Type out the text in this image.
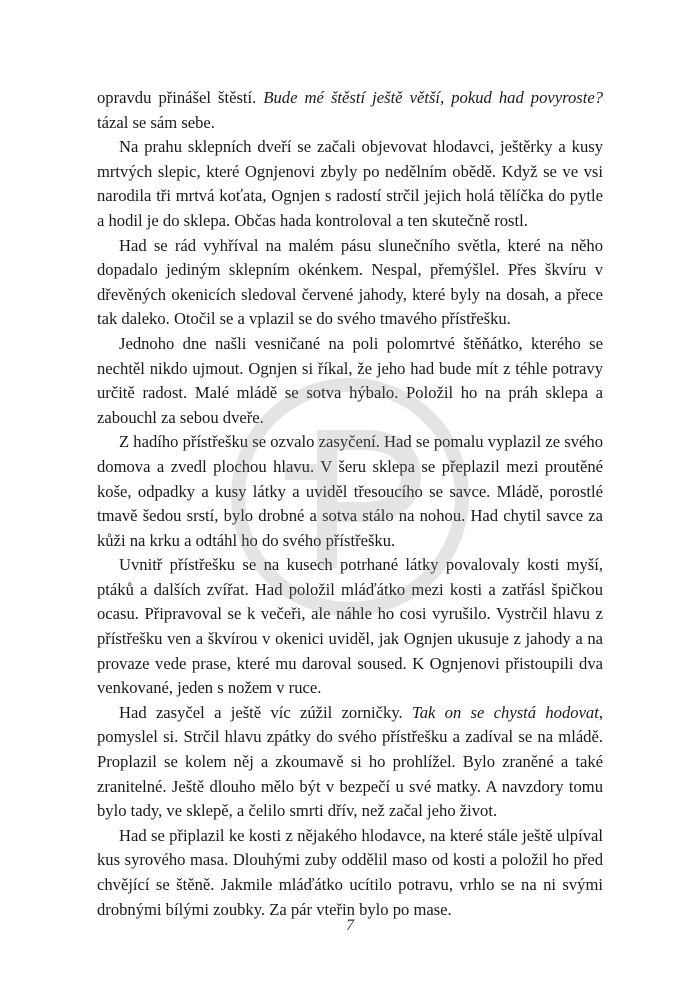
opravdu přinášel štěstí. Bude mé štěstí ještě větší, pokud had povyroste? tázal se sám sebe.

Na prahu sklepních dveří se začali objevovat hlodavci, ještěrky a kusy mrtvých slepic, které Ognjenovi zbyly po nedělním obědě. Když se ve vsi narodila tři mrtvá koťata, Ognjen s radostí strčil jejich holá tělíčka do pytle a hodil je do sklepa. Občas hada kontroloval a ten skutečně rostl.

Had se rád vyhříval na malém pásu slunečního světla, které na něho dopadalo jediným sklepním okénkem. Nespal, přemýšlel. Přes škvíru v dřevěných okenicích sledoval červené jahody, které byly na dosah, a přece tak daleko. Otočil se a vplazil se do svého tmavého přístřešku.

Jednoho dne našli vesničané na poli polomrtvé štěňátko, kterého se nechtěl nikdo ujmout. Ognjen si říkal, že jeho had bude mít z téhle potravy určitě radost. Malé mládě se sotva hýbalo. Položil ho na práh sklepa a zabouchl za sebou dveře.

Z hadího přístřešku se ozvalo zasyčení. Had se pomalu vyplazil ze svého domova a zvedl plochou hlavu. V šeru sklepa se přeplazil mezi proutěné koše, odpadky a kusy látky a uviděl třesoucího se savce. Mládě, porostlé tmavě šedou srstí, bylo drobné a sotva stálo na nohou. Had chytil savce za kůži na krku a odtáhl ho do svého přístřešku.

Uvnitř přístřešku se na kusech potrhané látky povalovaly kosti myší, ptáků a dalších zvířat. Had položil mláďátko mezi kosti a zatřásl špičkou ocasu. Připravoval se k večeři, ale náhle ho cosi vyrušilo. Vystrčil hlavu z přístřešku ven a škvírou v okenici uviděl, jak Ognjen ukusuje z jahody a na provaze vede prase, které mu daroval soused. K Ognjenovi přistoupili dva venkované, jeden s nožem v ruce.

Had zasyčel a ještě víc zúžil zorničky. Tak on se chystá hodovat, pomyslel si. Strčil hlavu zpátky do svého přístřešku a zadíval se na mládě. Proplazil se kolem něj a zkoumavě si ho prohlížel. Bylo zraněné a také zranitelné. Ještě dlouho mělo být v bezpečí u své matky. A navzdory tomu bylo tady, ve sklepě, a čelilo smrti dřív, než začal jeho život.

Had se připlazil ke kosti z nějakého hlodavce, na které stále ještě ulpíval kus syrového masa. Dlouhými zuby oddělil maso od kosti a položil ho před chvějící se štěně. Jakmile mláďátko ucítilo potravu, vrhlo se na ni svými drobnými bílými zoubky. Za pár vteřin bylo po mase.

7
